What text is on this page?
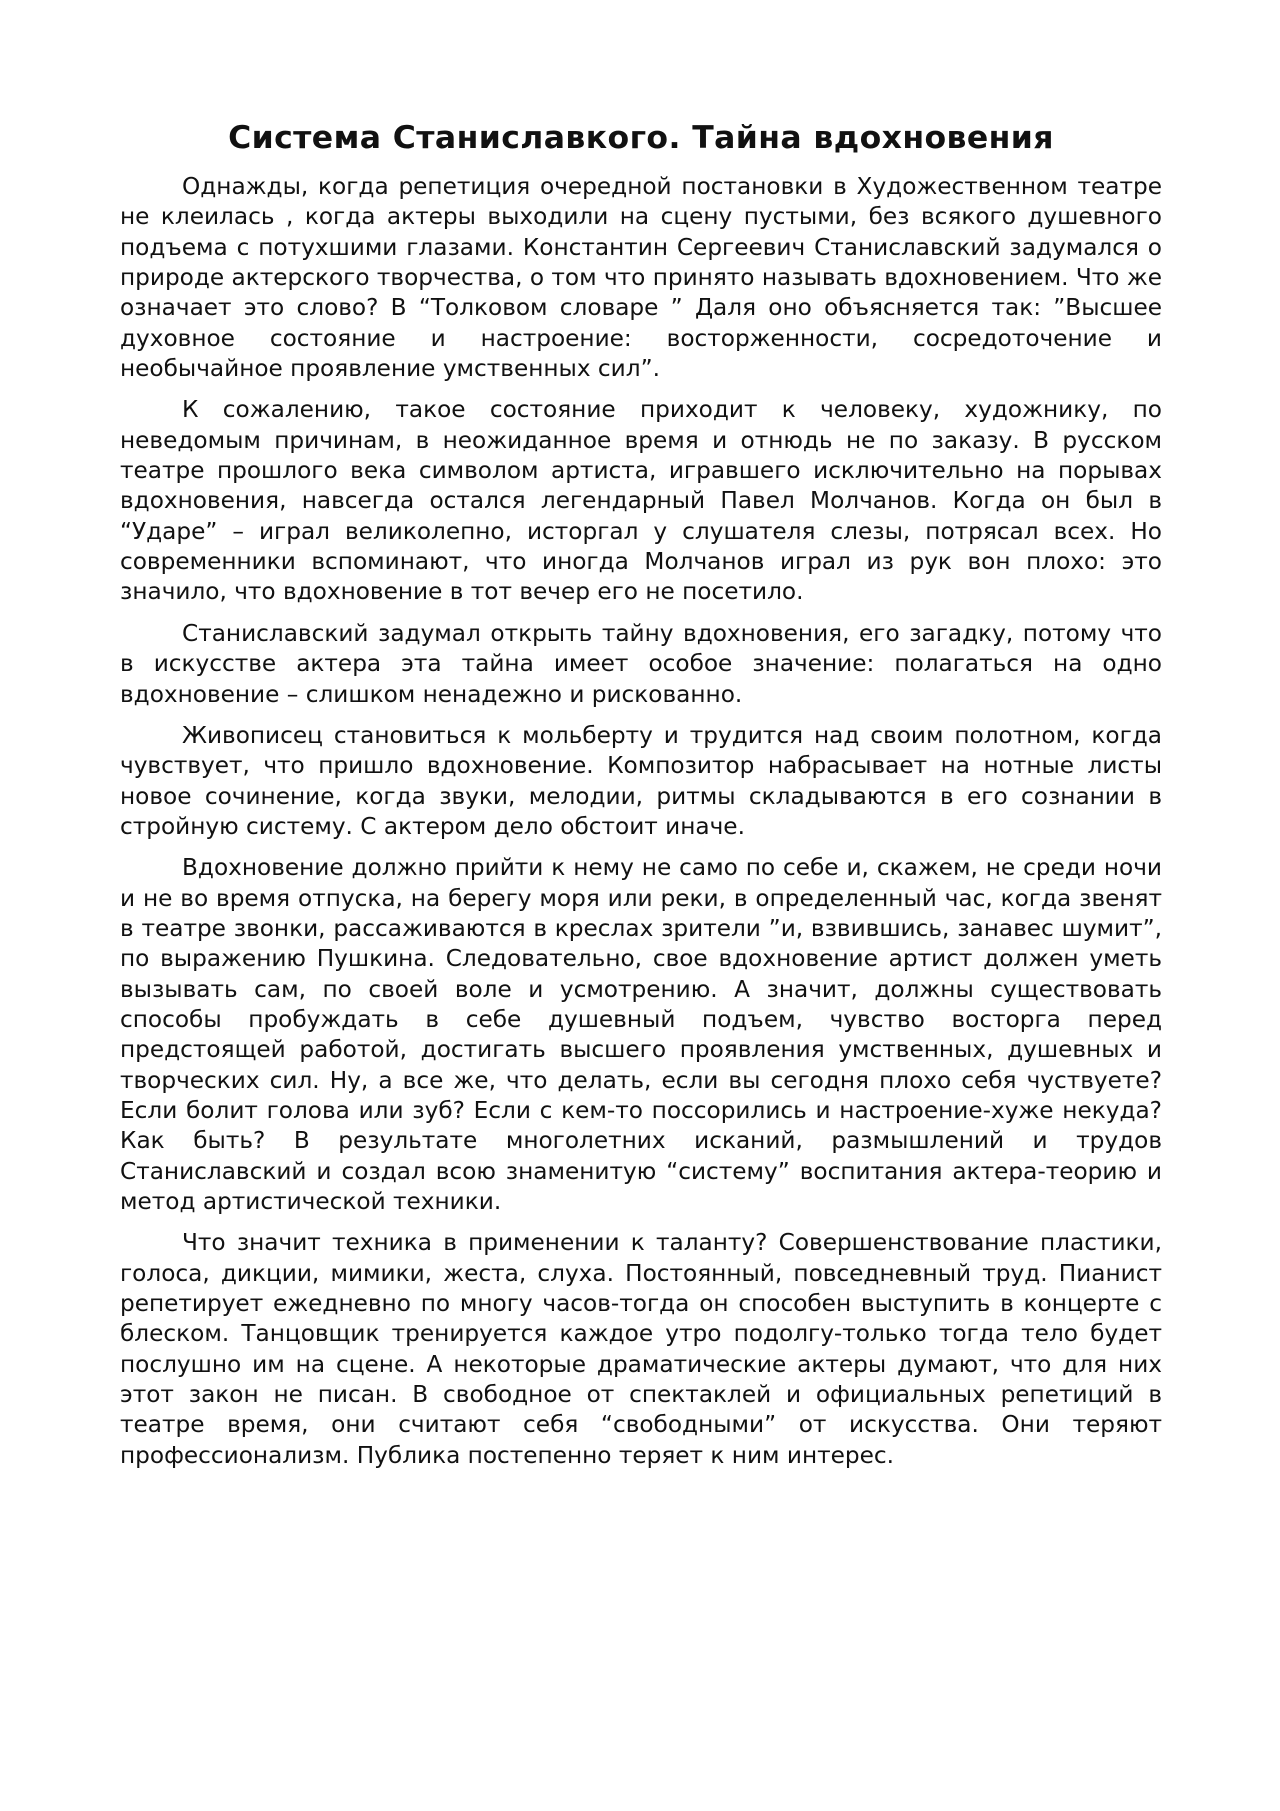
Система Станиславкого. Тайна вдохновения

Однажды, когда репетиция очередной постановки в Художественном театре не клеилась , когда актеры выходили на сцену пустыми, без всякого душевного подъема с потухшими глазами. Константин Сергеевич Станиславский задумался о природе актерского творчества, о том что принято называть вдохновением. Что же означает это слово? В “Толковом словаре ” Даля оно объясняется так: ”Высшее духовное состояние и настроение: восторженности, сосредоточение и необычайное проявление умственных сил”.

К сожалению, такое состояние приходит к человеку, художнику, по неведомым причинам, в неожиданное время и отнюдь не по заказу. В русском театре прошлого века символом артиста, игравшего исключительно на порывах вдохновения, навсегда остался легендарный Павел Молчанов. Когда он был в “Ударе” – играл великолепно, исторгал у слушателя слезы, потрясал всех. Но современники вспоминают, что иногда Молчанов играл из рук вон плохо: это значило, что вдохновение в тот вечер его не посетило.

Станиславский задумал открыть тайну вдохновения, его загадку, потому что в искусстве актера эта тайна имеет особое значение: полагаться на одно вдохновение – слишком ненадежно и рискованно.

Живописец становиться к мольберту и трудится над своим полотном, когда чувствует, что пришло вдохновение. Композитор набрасывает на нотные листы новое сочинение, когда звуки, мелодии, ритмы складываются в его сознании в стройную систему. С актером дело обстоит иначе.

Вдохновение должно прийти к нему не само по себе и, скажем, не среди ночи и не во время отпуска, на берегу моря или реки, в определенный час, когда звенят в театре звонки, рассаживаются в креслах зрители ”и, взвившись, занавес шумит”, по выражению Пушкина. Следовательно, свое вдохновение артист должен уметь вызывать сам, по своей воле и усмотрению. А значит, должны существовать способы пробуждать в себе душевный подъем, чувство восторга перед предстоящей работой, достигать высшего проявления умственных, душевных и творческих сил. Ну, а все же, что делать, если вы сегодня плохо себя чуствуете? Если болит голова или зуб? Если с кем-то поссорились и настроение-хуже некуда? Как быть? В результате многолетних исканий, размышлений и трудов Станиславский и создал всою знаменитую “систему” воспитания актера-теорию и метод артистической техники.

Что значит техника в применении к таланту? Совершенствование пластики, голоса, дикции, мимики, жеста, слуха. Постоянный, повседневный труд. Пианист репетирует ежедневно по многу часов-тогда он способен выступить в концерте с блеском. Танцовщик тренируется каждое утро подолгу-только тогда тело будет послушно им на сцене. А некоторые драматические актеры думают, что для них этот закон не писан. В свободное от спектаклей и официальных репетиций в театре время, они считают себя “свободными” от искусства. Они теряют профессионализм. Публика постепенно теряет к ним интерес.
